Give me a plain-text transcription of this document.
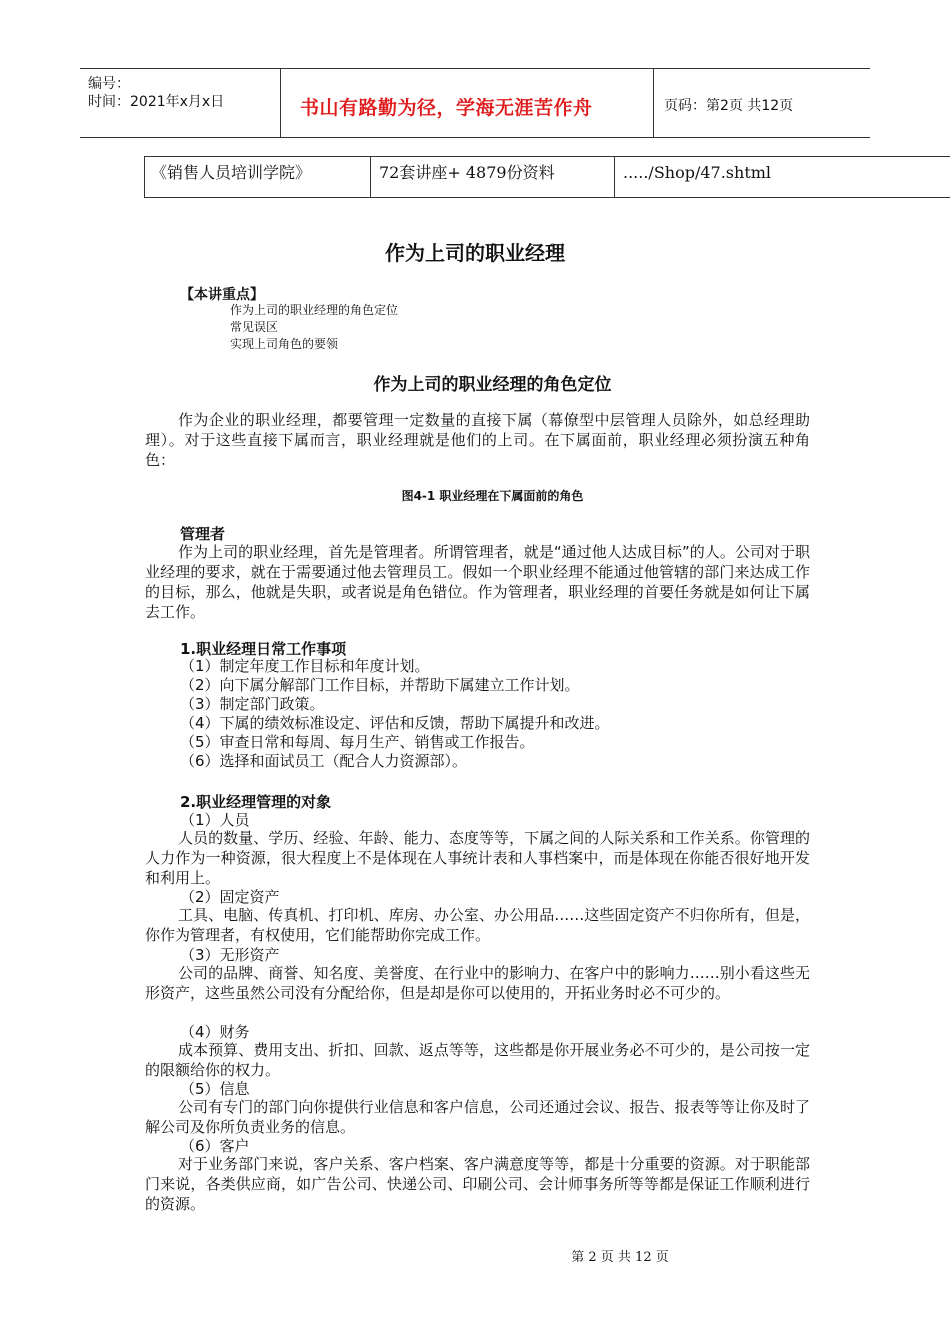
编号：
时间：2021年x月x日	书山有路勤为径，学海无涯苦作舟	页码：第2页 共12页
《销售人员培训学院》	72套讲座+ 4879份资料	...../Shop/47.shtml
作为上司的职业经理
【本讲重点】
作为上司的职业经理的角色定位
常见误区
实现上司角色的要领
作为上司的职业经理的角色定位
作为企业的职业经理，都要管理一定数量的直接下属（幕僚型中层管理人员除外，如总经理助理）。对于这些直接下属而言，职业经理就是他们的上司。在下属面前，职业经理必须扮演五种角色：
图4-1 职业经理在下属面前的角色
管理者
作为上司的职业经理，首先是管理者。所谓管理者，就是“通过他人达成目标”的人。公司对于职业经理的要求，就在于需要通过他去管理员工。假如一个职业经理不能通过他管辖的部门来达成工作的目标，那么，他就是失职，或者说是角色错位。作为管理者，职业经理的首要任务就是如何让下属去工作。
1.职业经理日常工作事项
（1）制定年度工作目标和年度计划。
（2）向下属分解部门工作目标，并帮助下属建立工作计划。
（3）制定部门政策。
（4）下属的绩效标准设定、评估和反馈，帮助下属提升和改进。
（5）审查日常和每周、每月生产、销售或工作报告。
（6）选择和面试员工（配合人力资源部）。
2.职业经理管理的对象
（1）人员
人员的数量、学历、经验、年龄、能力、态度等等，下属之间的人际关系和工作关系。你管理的人力作为一种资源，很大程度上不是体现在人事统计表和人事档案中，而是体现在你能否很好地开发和利用上。
（2）固定资产
工具、电脑、传真机、打印机、库房、办公室、办公用品……这些固定资产不归你所有，但是，你作为管理者，有权使用，它们能帮助你完成工作。
（3）无形资产
公司的品牌、商誉、知名度、美誉度、在行业中的影响力、在客户中的影响力……别小看这些无形资产，这些虽然公司没有分配给你，但是却是你可以使用的，开拓业务时必不可少的。
（4）财务
成本预算、费用支出、折扣、回款、返点等等，这些都是你开展业务必不可少的，是公司按一定的限额给你的权力。
（5）信息
公司有专门的部门向你提供行业信息和客户信息，公司还通过会议、报告、报表等等让你及时了解公司及你所负责业务的信息。
（6）客户
对于业务部门来说，客户关系、客户档案、客户满意度等等，都是十分重要的资源。对于职能部门来说，各类供应商，如广告公司、快递公司、印刷公司、会计师事务所等等都是保证工作顺利进行的资源。
第 2 页 共 12 页
